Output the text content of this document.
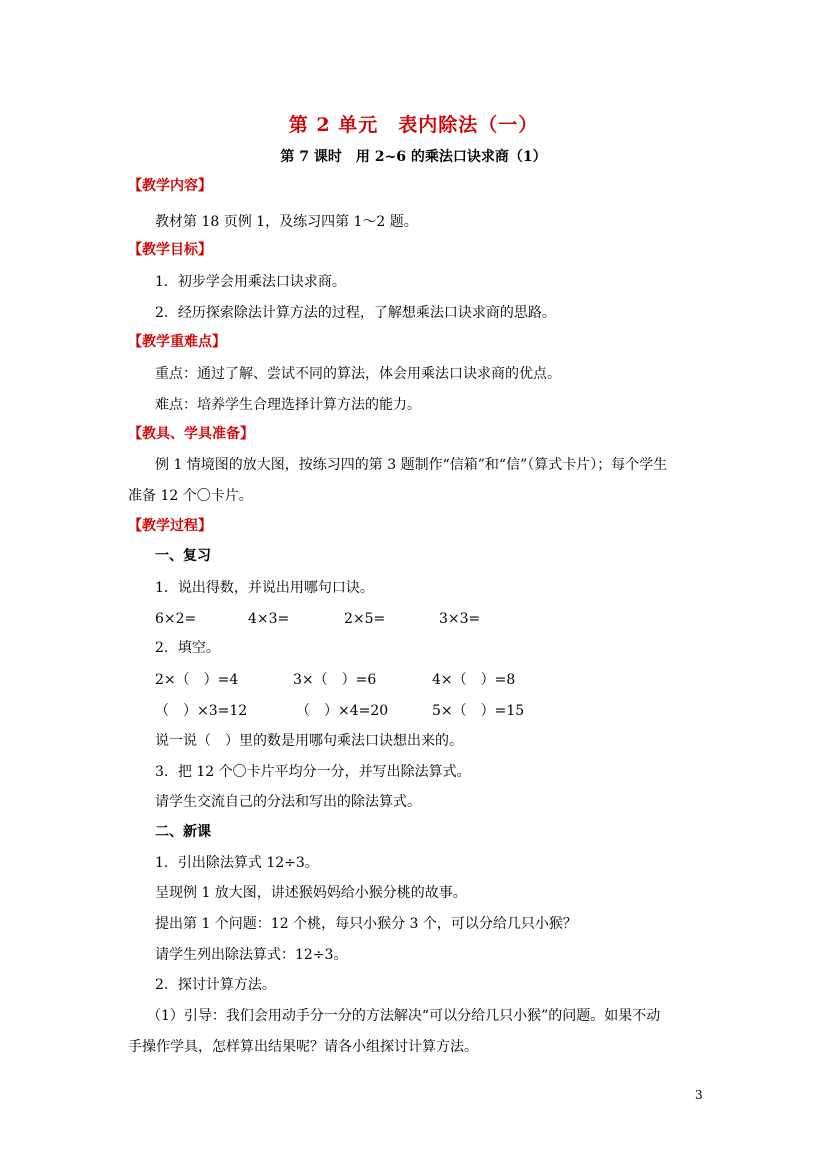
第 2 单元　表内除法（一）
第 7 课时　用 2~6 的乘法口诀求商（1）
【教学内容】
教材第 18 页例 1，及练习四第 1～2 题。
【教学目标】
1．初步学会用乘法口诀求商。
2．经历探索除法计算方法的过程，了解想乘法口诀求商的思路。
【教学重难点】
重点：通过了解、尝试不同的算法，体会用乘法口诀求商的优点。
难点：培养学生合理选择计算方法的能力。
【教具、学具准备】
例 1 情境图的放大图，按练习四的第 3 题制作“信箱”和“信”（算式卡片）；每个学生
准备 12 个〇卡片。
【教学过程】
一、复习
1．说出得数，并说出用哪句口诀。
6×2=	4×3=	2×5=	3×3=
2．填空。
2×（　）=4	3×（　）=6	4×（　）=8
（　）×3=12	（　）×4=20	5×（　）=15
说一说（　）里的数是用哪句乘法口诀想出来的。
3．把 12 个〇卡片平均分一分，并写出除法算式。
请学生交流自己的分法和写出的除法算式。
二、新课
1．引出除法算式 12÷3。
呈现例 1 放大图，讲述猴妈妈给小猴分桃的故事。
提出第 1 个问题：12 个桃，每只小猴分 3 个，可以分给几只小猴？
请学生列出除法算式：12÷3。
2．探讨计算方法。
（1）引导：我们会用动手分一分的方法解决“可以分给几只小猴”的问题。如果不动
手操作学具，怎样算出结果呢？请各小组探讨计算方法。
3
